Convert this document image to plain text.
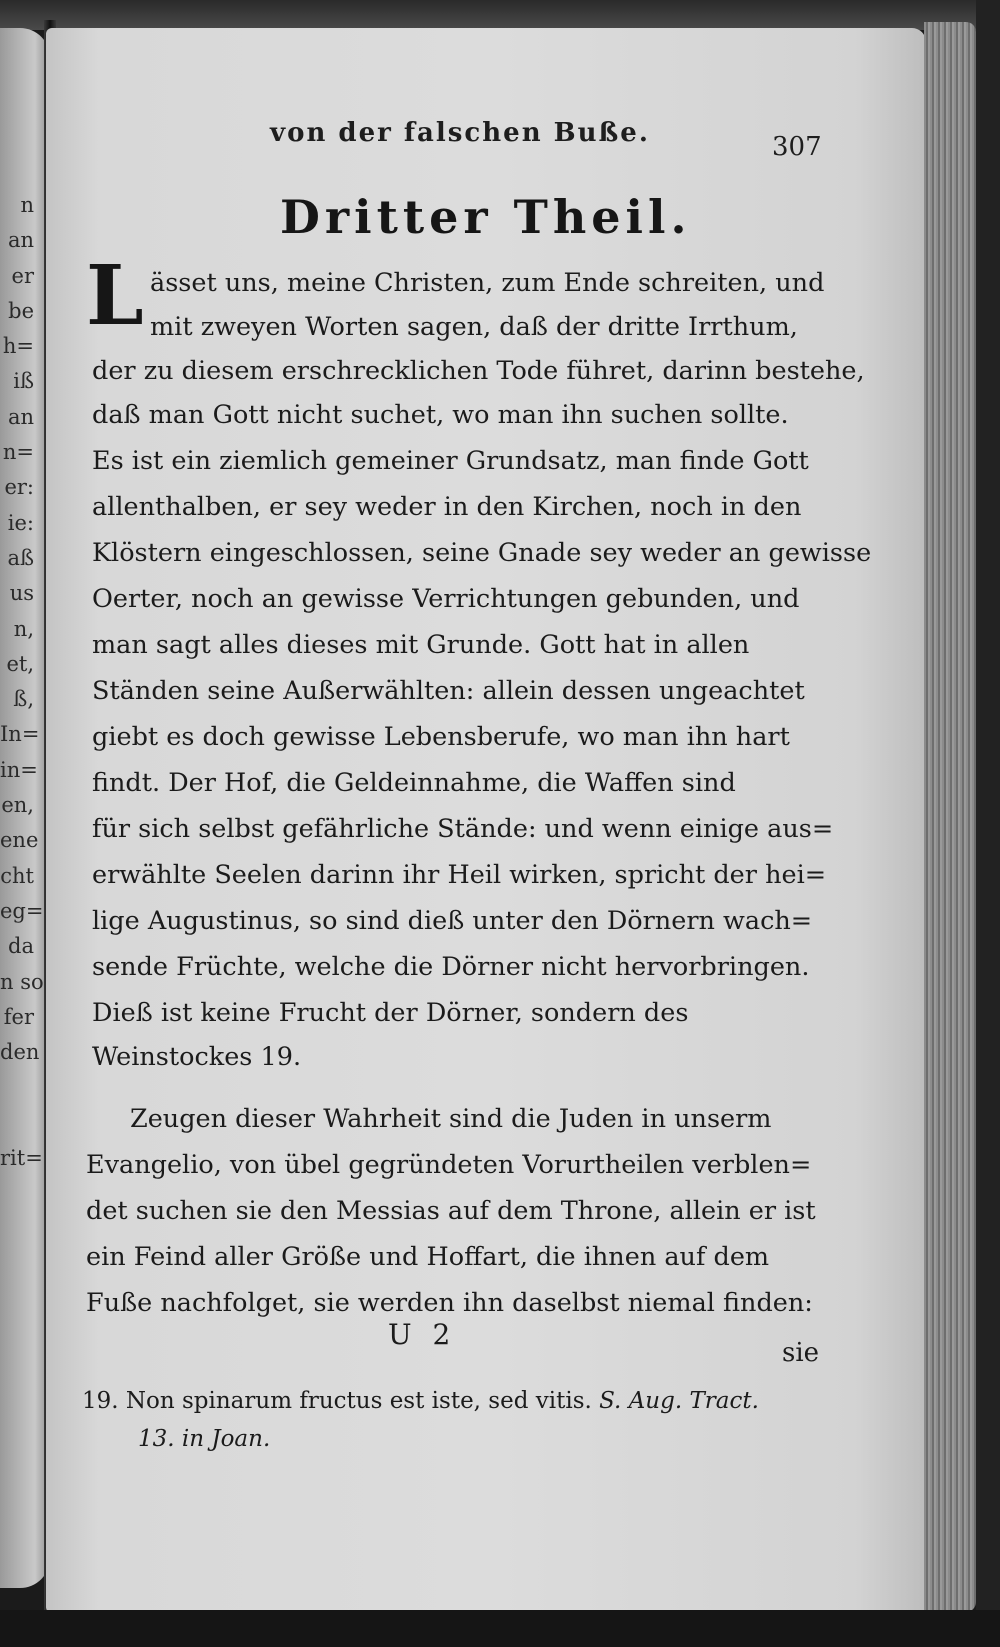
n
an
er
be
h=
iß
an
n=
er:
ie:
aß
us
n,
et,
ß,
In=
in=
en,
ene
cht
eg=
da
n so
fer
den
rit=
von der falschen Buße.	307
Dritter Theil.
L ässet uns, meine Christen, zum Ende schreiten, und
mit zweyen Worten sagen, daß der dritte Irrthum,
der zu diesem erschrecklichen Tode führet, darinn bestehe,
daß man Gott nicht suchet, wo man ihn suchen sollte.
Es ist ein ziemlich gemeiner Grundsatz, man finde Gott
allenthalben, er sey weder in den Kirchen, noch in den
Klöstern eingeschlossen, seine Gnade sey weder an gewisse
Oerter, noch an gewisse Verrichtungen gebunden, und
man sagt alles dieses mit Grunde. Gott hat in allen
Ständen seine Außerwählten: allein dessen ungeachtet
giebt es doch gewisse Lebensberufe, wo man ihn hart
findt. Der Hof, die Geldeinnahme, die Waffen sind
für sich selbst gefährliche Stände: und wenn einige aus=
erwählte Seelen darinn ihr Heil wirken, spricht der hei=
lige Augustinus, so sind dieß unter den Dörnern wach=
sende Früchte, welche die Dörner nicht hervorbringen.
Dieß ist keine Frucht der Dörner, sondern des
Weinstockes 19.
Zeugen dieser Wahrheit sind die Juden in unserm
Evangelio, von übel gegründeten Vorurtheilen verblen=
det suchen sie den Messias auf dem Throne, allein er ist
ein Feind aller Größe und Hoffart, die ihnen auf dem
Fuße nachfolget, sie werden ihn daselbst niemal finden:
U 2
sie
19. Non spinarum fructus est iste, sed vitis. S. Aug. Tract.
13. in Joan.
